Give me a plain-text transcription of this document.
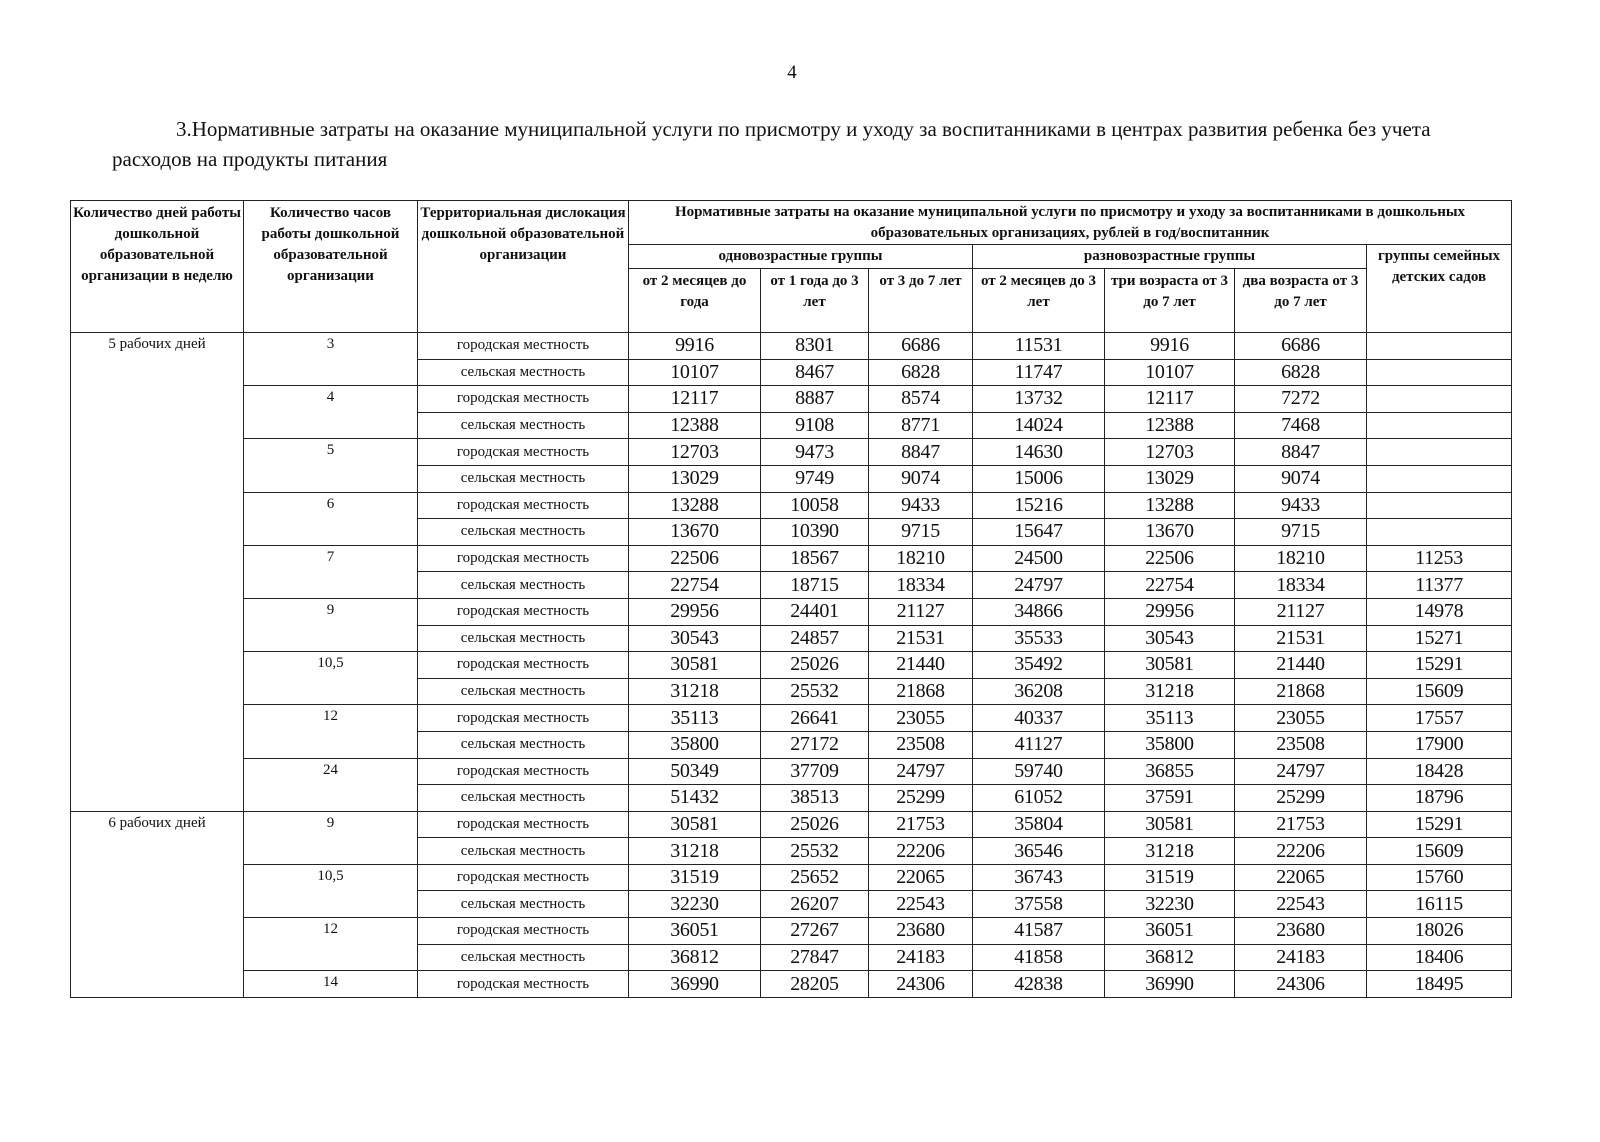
4
3.Нормативные затраты на оказание муниципальной услуги по присмотру и уходу за воспитанниками в центрах развития ребенка без учета расходов на продукты питания
Количество дней работы дошкольной образовательной организации в неделю	Количество часов работы дошкольной образовательной организации	Территориальная дислокация дошкольной образовательной организации	Нормативные затраты на оказание муниципальной услуги по присмотру и уходу за воспитанниками в дошкольных образовательных организациях, рублей в год/воспитанник						
			одновозрастные группы			разновозрастные группы			группы семейных детских садов
			от 2 месяцев до года	от 1 года до 3 лет	от 3 до 7 лет	от 2 месяцев до 3 лет	три возраста от 3 до 7 лет	два возраста от 3 до 7 лет	
5 рабочих дней	3	городская местность	9916	8301	6686	11531	9916	6686	
		сельская местность	10107	8467	6828	11747	10107	6828	
	4	городская местность	12117	8887	8574	13732	12117	7272	
		сельская местность	12388	9108	8771	14024	12388	7468	
	5	городская местность	12703	9473	8847	14630	12703	8847	
		сельская местность	13029	9749	9074	15006	13029	9074	
	6	городская местность	13288	10058	9433	15216	13288	9433	
		сельская местность	13670	10390	9715	15647	13670	9715	
	7	городская местность	22506	18567	18210	24500	22506	18210	11253
		сельская местность	22754	18715	18334	24797	22754	18334	11377
	9	городская местность	29956	24401	21127	34866	29956	21127	14978
		сельская местность	30543	24857	21531	35533	30543	21531	15271
	10,5	городская местность	30581	25026	21440	35492	30581	21440	15291
		сельская местность	31218	25532	21868	36208	31218	21868	15609
	12	городская местность	35113	26641	23055	40337	35113	23055	17557
		сельская местность	35800	27172	23508	41127	35800	23508	17900
	24	городская местность	50349	37709	24797	59740	36855	24797	18428
		сельская местность	51432	38513	25299	61052	37591	25299	18796
6 рабочих дней	9	городская местность	30581	25026	21753	35804	30581	21753	15291
		сельская местность	31218	25532	22206	36546	31218	22206	15609
	10,5	городская местность	31519	25652	22065	36743	31519	22065	15760
		сельская местность	32230	26207	22543	37558	32230	22543	16115
	12	городская местность	36051	27267	23680	41587	36051	23680	18026
		сельская местность	36812	27847	24183	41858	36812	24183	18406
	14	городская местность	36990	28205	24306	42838	36990	24306	18495
